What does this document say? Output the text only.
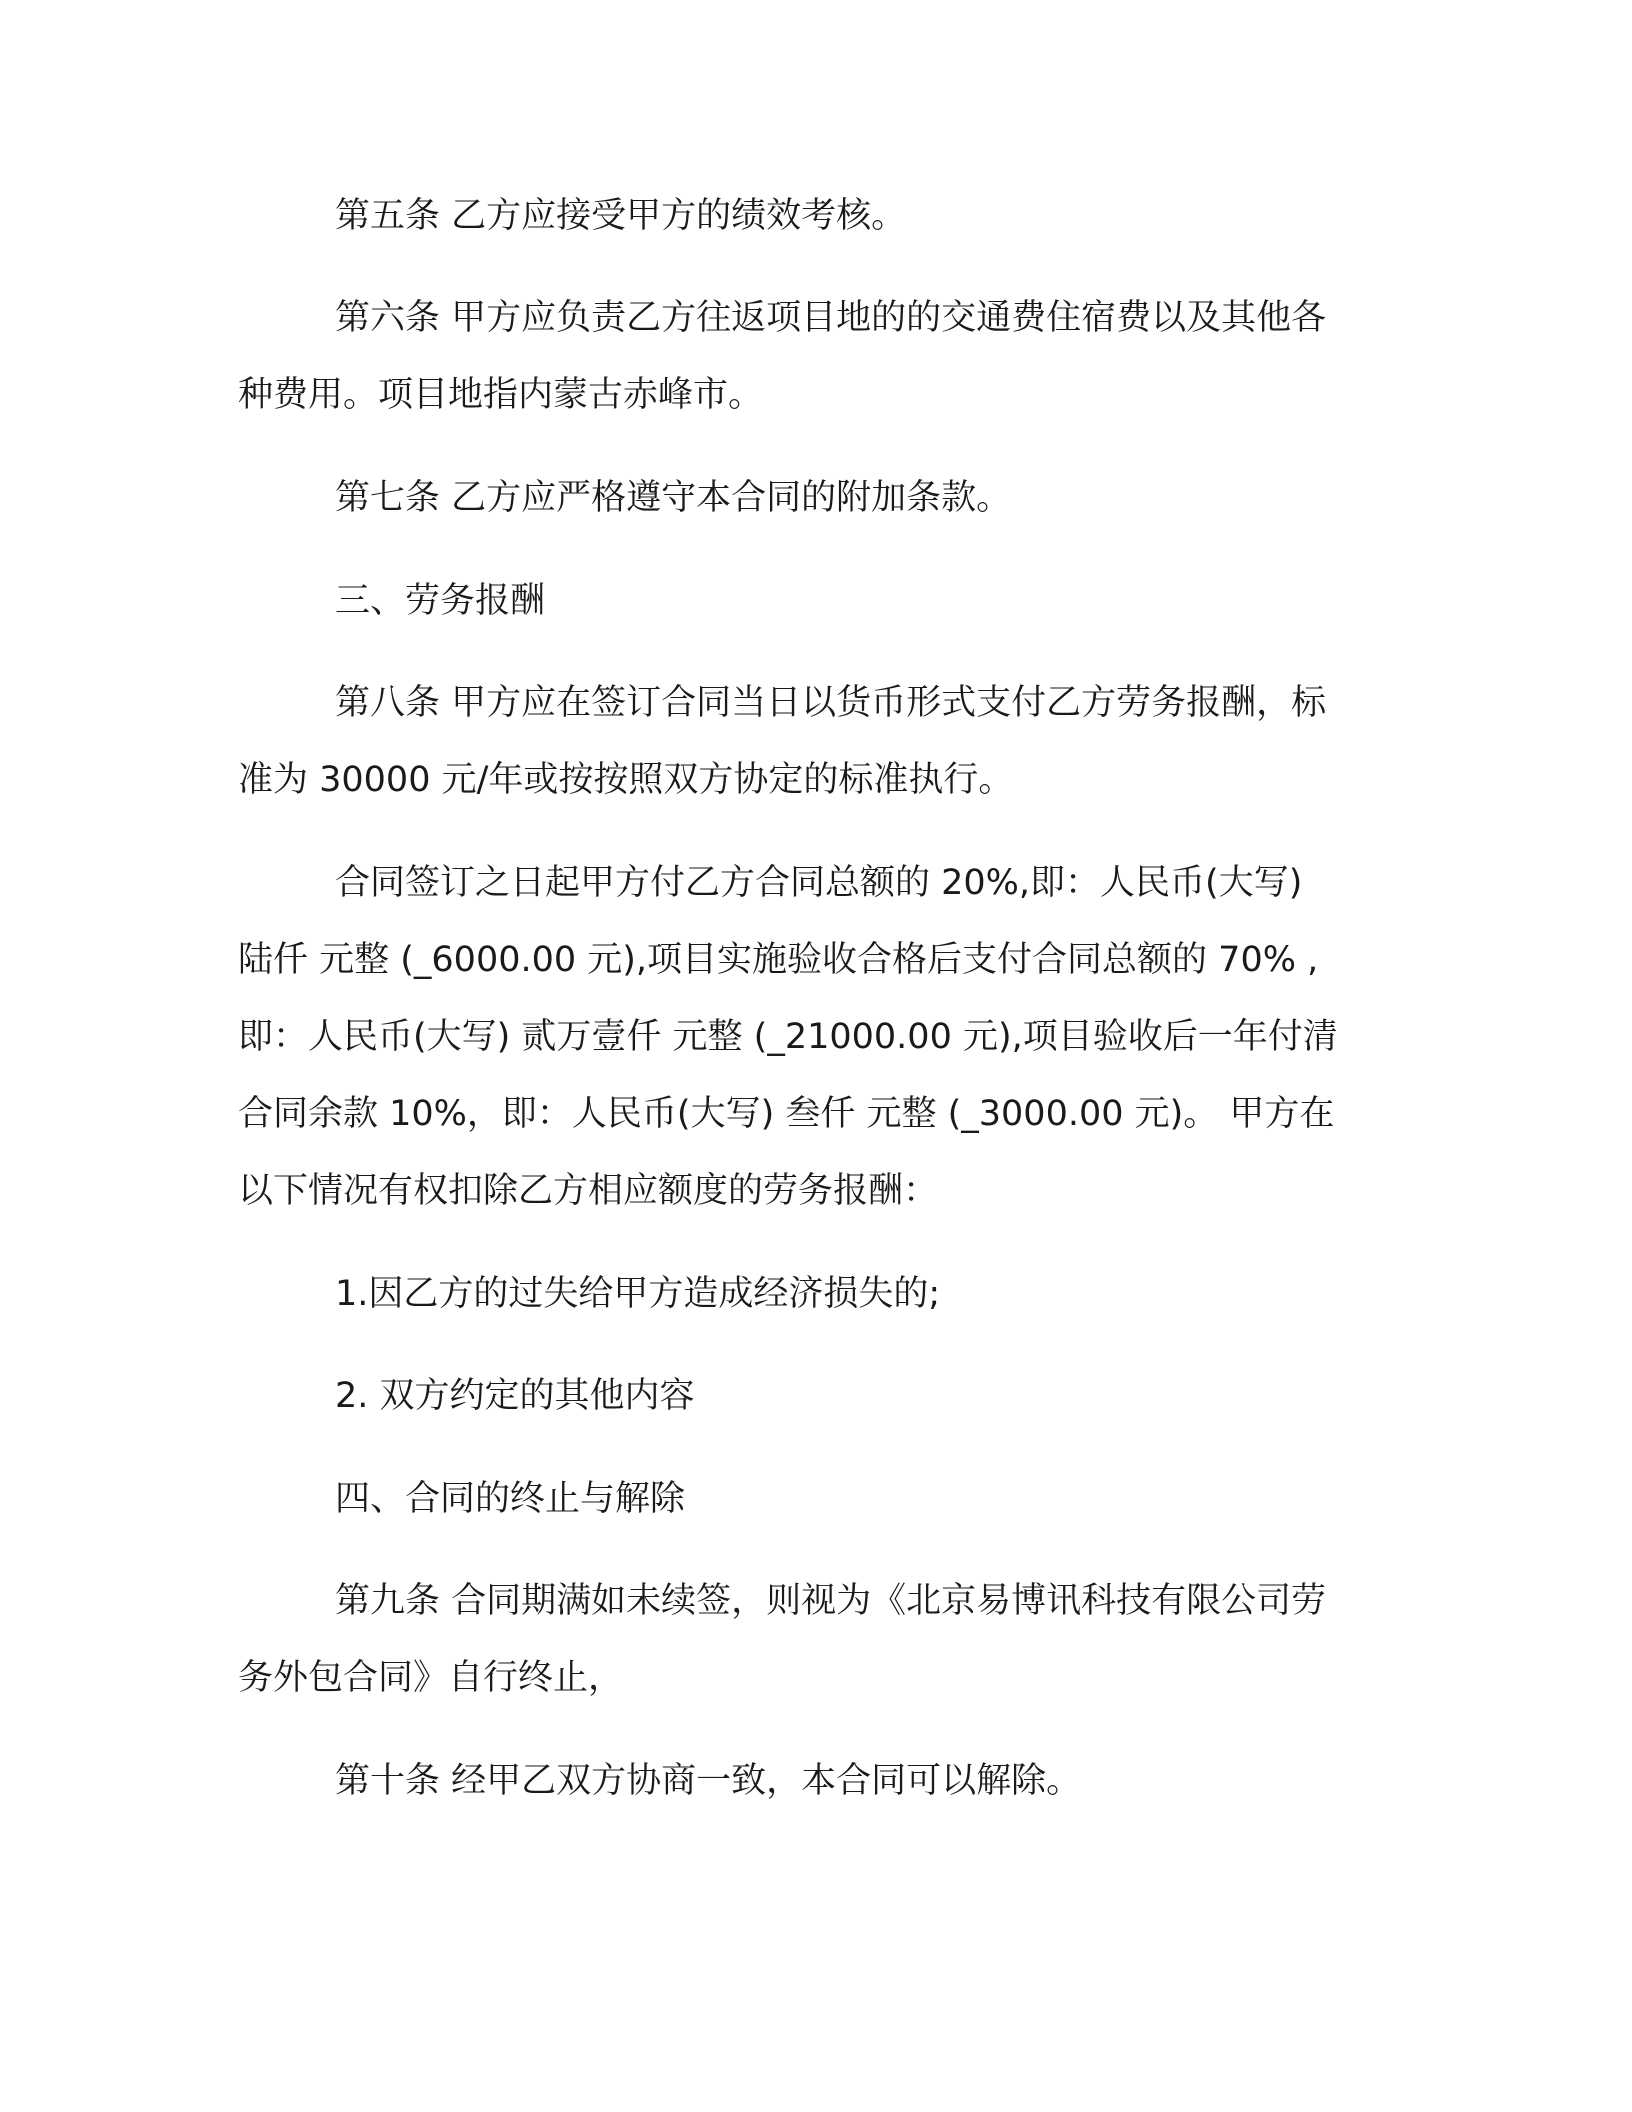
第五条 乙方应接受甲方的绩效考核。

第六条 甲方应负责乙方往返项目地的的交通费住宿费以及其他各

种费用。项目地指内蒙古赤峰市。

第七条 乙方应严格遵守本合同的附加条款。

三、劳务报酬

第八条 甲方应在签订合同当日以货币形式支付乙方劳务报酬，标

准为 30000 元/年或按按照双方协定的标准执行。

合同签订之日起甲方付乙方合同总额的 20%,即：人民币(大写)

陆仟 元整 (_6000.00 元),项目实施验收合格后支付合同总额的 70% ,

即：人民币(大写) 贰万壹仟 元整 (_21000.00 元),项目验收后一年付清

合同余款 10%，即：人民币(大写) 叁仟 元整 (_3000.00 元)。 甲方在

以下情况有权扣除乙方相应额度的劳务报酬：

1.因乙方的过失给甲方造成经济损失的;

2. 双方约定的其他内容

四、合同的终止与解除

第九条 合同期满如未续签，则视为《北京易博讯科技有限公司劳

务外包合同》自行终止，

第十条 经甲乙双方协商一致，本合同可以解除。
